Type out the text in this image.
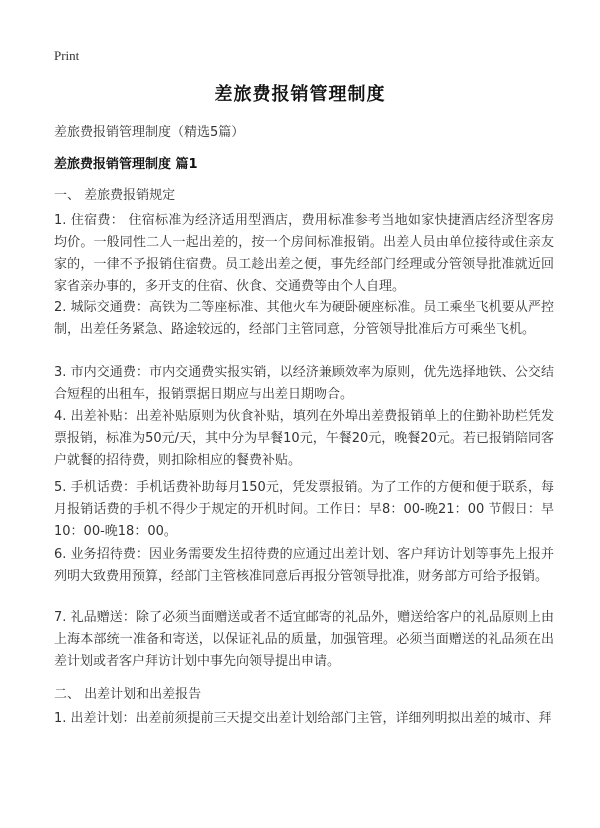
Print
差旅费报销管理制度
差旅费报销管理制度（精选5篇）
差旅费报销管理制度 篇1
一、 差旅费报销规定
1. 住宿费： 住宿标准为经济适用型酒店，费用标准参考当地如家快捷酒店经济型客房均价。一般同性二人一起出差的，按一个房间标准报销。出差人员由单位接待或住亲友家的，一律不予报销住宿费。员工趁出差之便，事先经部门经理或分管领导批准就近回家省亲办事的，多开支的住宿、伙食、交通费等由个人自理。
2. 城际交通费：高铁为二等座标准、其他火车为硬卧硬座标准。员工乘坐飞机要从严控制，出差任务紧急、路途较远的，经部门主管同意，分管领导批准后方可乘坐飞机。
3. 市内交通费：市内交通费实报实销，以经济兼顾效率为原则，优先选择地铁、公交结合短程的出租车，报销票据日期应与出差日期吻合。
4. 出差补贴：出差补贴原则为伙食补贴，填列在外埠出差费报销单上的住勤补助栏凭发票报销，标准为50元/天，其中分为早餐10元，午餐20元，晚餐20元。若已报销陪同客户就餐的招待费，则扣除相应的餐费补贴。
5. 手机话费：手机话费补助每月150元，凭发票报销。为了工作的方便和便于联系，每月报销话费的手机不得少于规定的开机时间。工作日：早8：00-晚21：00 节假日：早10：00-晚18：00。
6. 业务招待费：因业务需要发生招待费的应通过出差计划、客户拜访计划等事先上报并列明大致费用预算，经部门主管核准同意后再报分管领导批准，财务部方可给予报销。
7. 礼品赠送：除了必须当面赠送或者不适宜邮寄的礼品外，赠送给客户的礼品原则上由上海本部统一准备和寄送，以保证礼品的质量，加强管理。必须当面赠送的礼品须在出差计划或者客户拜访计划中事先向领导提出申请。
二、 出差计划和出差报告
1. 出差计划：出差前须提前三天提交出差计划给部门主管，详细列明拟出差的城市、拜
